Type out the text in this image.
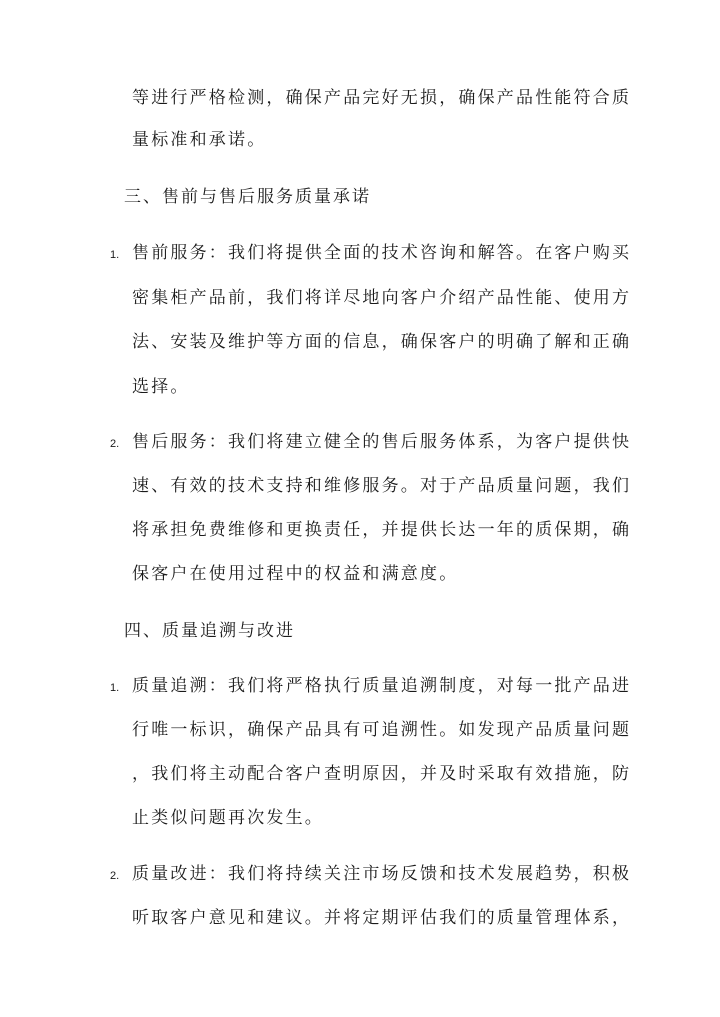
等进行严格检测，确保产品完好无损，确保产品性能符合质
量标准和承诺。
三、售前与售后服务质量承诺
1. 售前服务：我们将提供全面的技术咨询和解答。在客户购买
密集柜产品前，我们将详尽地向客户介绍产品性能、使用方
法、安装及维护等方面的信息，确保客户的明确了解和正确
选择。
2. 售后服务：我们将建立健全的售后服务体系，为客户提供快
速、有效的技术支持和维修服务。对于产品质量问题，我们
将承担免费维修和更换责任，并提供长达一年的质保期，确
保客户在使用过程中的权益和满意度。
四、质量追溯与改进
1. 质量追溯：我们将严格执行质量追溯制度，对每一批产品进
行唯一标识，确保产品具有可追溯性。如发现产品质量问题
，我们将主动配合客户查明原因，并及时采取有效措施，防
止类似问题再次发生。
2. 质量改进：我们将持续关注市场反馈和技术发展趋势，积极
听取客户意见和建议。并将定期评估我们的质量管理体系，
